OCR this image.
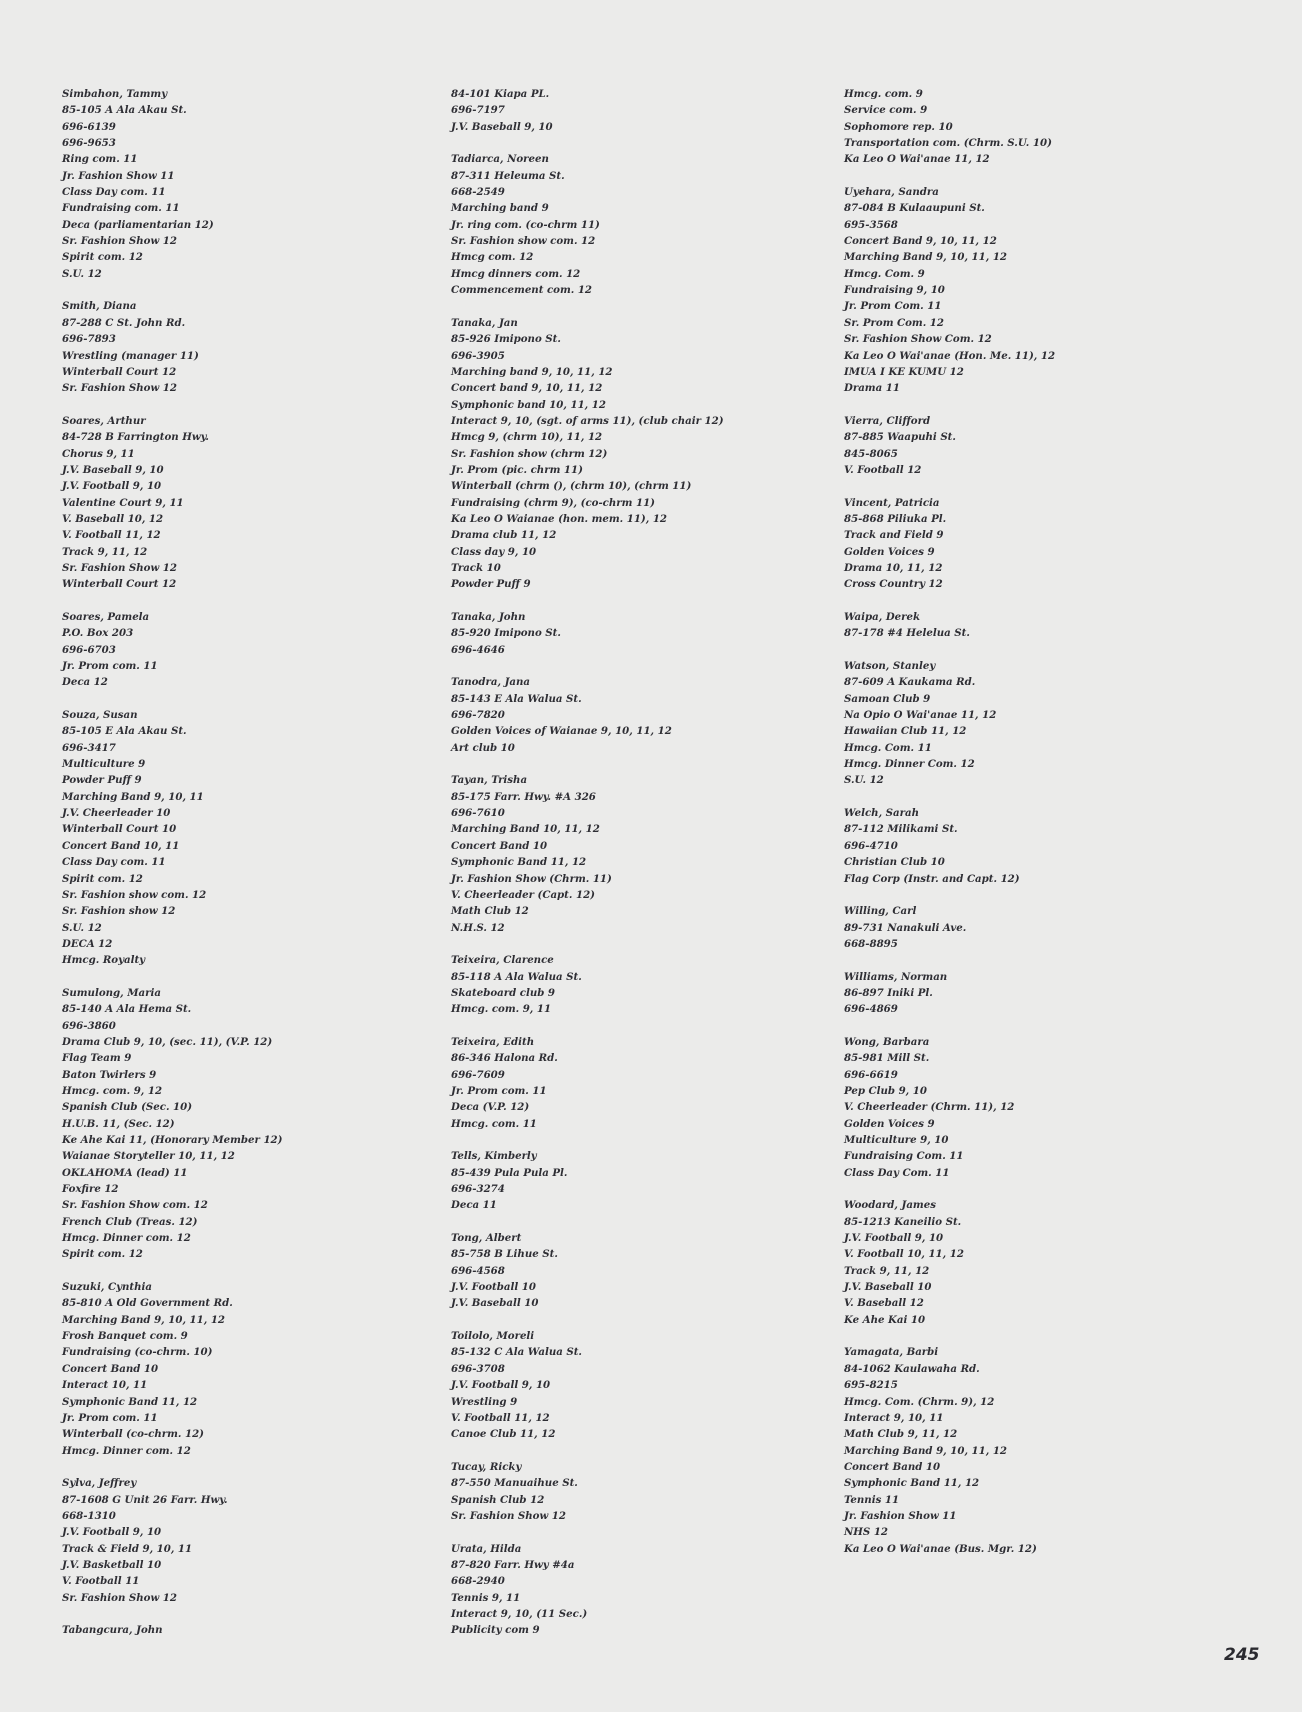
Simbahon, Tammy
85-105 A Ala Akau St.
696-6139
696-9653
Ring com. 11
Jr. Fashion Show 11
Class Day com. 11
Fundraising com. 11
Deca (parliamentarian 12)
Sr. Fashion Show 12
Spirit com. 12
S.U. 12
Smith, Diana
87-288 C St. John Rd.
696-7893
Wrestling (manager 11)
Winterball Court 12
Sr. Fashion Show 12
Soares, Arthur
84-728 B Farrington Hwy.
Chorus 9, 11
J.V. Baseball 9, 10
J.V. Football 9, 10
Valentine Court 9, 11
V. Baseball 10, 12
V. Football 11, 12
Track 9, 11, 12
Sr. Fashion Show 12
Winterball Court 12
Soares, Pamela
P.O. Box 203
696-6703
Jr. Prom com. 11
Deca 12
Souza, Susan
85-105 E Ala Akau St.
696-3417
Multiculture 9
Powder Puff 9
Marching Band 9, 10, 11
J.V. Cheerleader 10
Winterball Court 10
Concert Band 10, 11
Class Day com. 11
Spirit com. 12
Sr. Fashion show com. 12
Sr. Fashion show 12
S.U. 12
DECA 12
Hmcg. Royalty
Sumulong, Maria
85-140 A Ala Hema St.
696-3860
Drama Club 9, 10, (sec. 11), (V.P. 12)
Flag Team 9
Baton Twirlers 9
Hmcg. com. 9, 12
Spanish Club (Sec. 10)
H.U.B. 11, (Sec. 12)
Ke Ahe Kai 11, (Honorary Member 12)
Waianae Storyteller 10, 11, 12
OKLAHOMA (lead) 11
Foxfire 12
Sr. Fashion Show com. 12
French Club (Treas. 12)
Hmcg. Dinner com. 12
Spirit com. 12
Suzuki, Cynthia
85-810 A Old Government Rd.
Marching Band 9, 10, 11, 12
Frosh Banquet com. 9
Fundraising (co-chrm. 10)
Concert Band 10
Interact 10, 11
Symphonic Band 11, 12
Jr. Prom com. 11
Winterball (co-chrm. 12)
Hmcg. Dinner com. 12
Sylva, Jeffrey
87-1608 G Unit 26 Farr. Hwy.
668-1310
J.V. Football 9, 10
Track & Field 9, 10, 11
J.V. Basketball 10
V. Football 11
Sr. Fashion Show 12
Tabangcura, John
84-101 Kiapa PL.
696-7197
J.V. Baseball 9, 10
Tadiarca, Noreen
87-311 Heleuma St.
668-2549
Marching band 9
Jr. ring com. (co-chrm 11)
Sr. Fashion show com. 12
Hmcg com. 12
Hmcg dinners com. 12
Commencement com. 12
Tanaka, Jan
85-926 Imipono St.
696-3905
Marching band 9, 10, 11, 12
Concert band 9, 10, 11, 12
Symphonic band 10, 11, 12
Interact 9, 10, (sgt. of arms 11), (club chair 12)
Hmcg 9, (chrm 10), 11, 12
Sr. Fashion show (chrm 12)
Jr. Prom (pic. chrm 11)
Winterball (chrm (), (chrm 10), (chrm 11)
Fundraising (chrm 9), (co-chrm 11)
Ka Leo O Waianae (hon. mem. 11), 12
Drama club 11, 12
Class day 9, 10
Track 10
Powder Puff 9
Tanaka, John
85-920 Imipono St.
696-4646
Tanodra, Jana
85-143 E Ala Walua St.
696-7820
Golden Voices of Waianae 9, 10, 11, 12
Art club 10
Tayan, Trisha
85-175 Farr. Hwy. #A 326
696-7610
Marching Band 10, 11, 12
Concert Band 10
Symphonic Band 11, 12
Jr. Fashion Show (Chrm. 11)
V. Cheerleader (Capt. 12)
Math Club 12
N.H.S. 12
Teixeira, Clarence
85-118 A Ala Walua St.
Skateboard club 9
Hmcg. com. 9, 11
Teixeira, Edith
86-346 Halona Rd.
696-7609
Jr. Prom com. 11
Deca (V.P. 12)
Hmcg. com. 11
Tells, Kimberly
85-439 Pula Pula Pl.
696-3274
Deca 11
Tong, Albert
85-758 B Lihue St.
696-4568
J.V. Football 10
J.V. Baseball 10
Toilolo, Moreli
85-132 C Ala Walua St.
696-3708
J.V. Football 9, 10
Wrestling 9
V. Football 11, 12
Canoe Club 11, 12
Tucay, Ricky
87-550 Manuaihue St.
Spanish Club 12
Sr. Fashion Show 12
Urata, Hilda
87-820 Farr. Hwy #4a
668-2940
Tennis 9, 11
Interact 9, 10, (11 Sec.)
Publicity com 9
Hmcg. com. 9
Service com. 9
Sophomore rep. 10
Transportation com. (Chrm. S.U. 10)
Ka Leo O Wai'anae 11, 12
Uyehara, Sandra
87-084 B Kulaaupuni St.
695-3568
Concert Band 9, 10, 11, 12
Marching Band 9, 10, 11, 12
Hmcg. Com. 9
Fundraising 9, 10
Jr. Prom Com. 11
Sr. Prom Com. 12
Sr. Fashion Show Com. 12
Ka Leo O Wai'anae (Hon. Me. 11), 12
IMUA I KE KUMU 12
Drama 11
Vierra, Clifford
87-885 Waapuhi St.
845-8065
V. Football 12
Vincent, Patricia
85-868 Piliuka Pl.
Track and Field 9
Golden Voices 9
Drama 10, 11, 12
Cross Country 12
Waipa, Derek
87-178 #4 Helelua St.
Watson, Stanley
87-609 A Kaukama Rd.
Samoan Club 9
Na Opio O Wai'anae 11, 12
Hawaiian Club 11, 12
Hmcg. Com. 11
Hmcg. Dinner Com. 12
S.U. 12
Welch, Sarah
87-112 Milikami St.
696-4710
Christian Club 10
Flag Corp (Instr. and Capt. 12)
Willing, Carl
89-731 Nanakuli Ave.
668-8895
Williams, Norman
86-897 Iniki Pl.
696-4869
Wong, Barbara
85-981 Mill St.
696-6619
Pep Club 9, 10
V. Cheerleader (Chrm. 11), 12
Golden Voices 9
Multiculture 9, 10
Fundraising Com. 11
Class Day Com. 11
Woodard, James
85-1213 Kaneilio St.
J.V. Football 9, 10
V. Football 10, 11, 12
Track 9, 11, 12
J.V. Baseball 10
V. Baseball 12
Ke Ahe Kai 10
Yamagata, Barbi
84-1062 Kaulawaha Rd.
695-8215
Hmcg. Com. (Chrm. 9), 12
Interact 9, 10, 11
Math Club 9, 11, 12
Marching Band 9, 10, 11, 12
Concert Band 10
Symphonic Band 11, 12
Tennis 11
Jr. Fashion Show 11
NHS 12
Ka Leo O Wai'anae (Bus. Mgr. 12)
245
